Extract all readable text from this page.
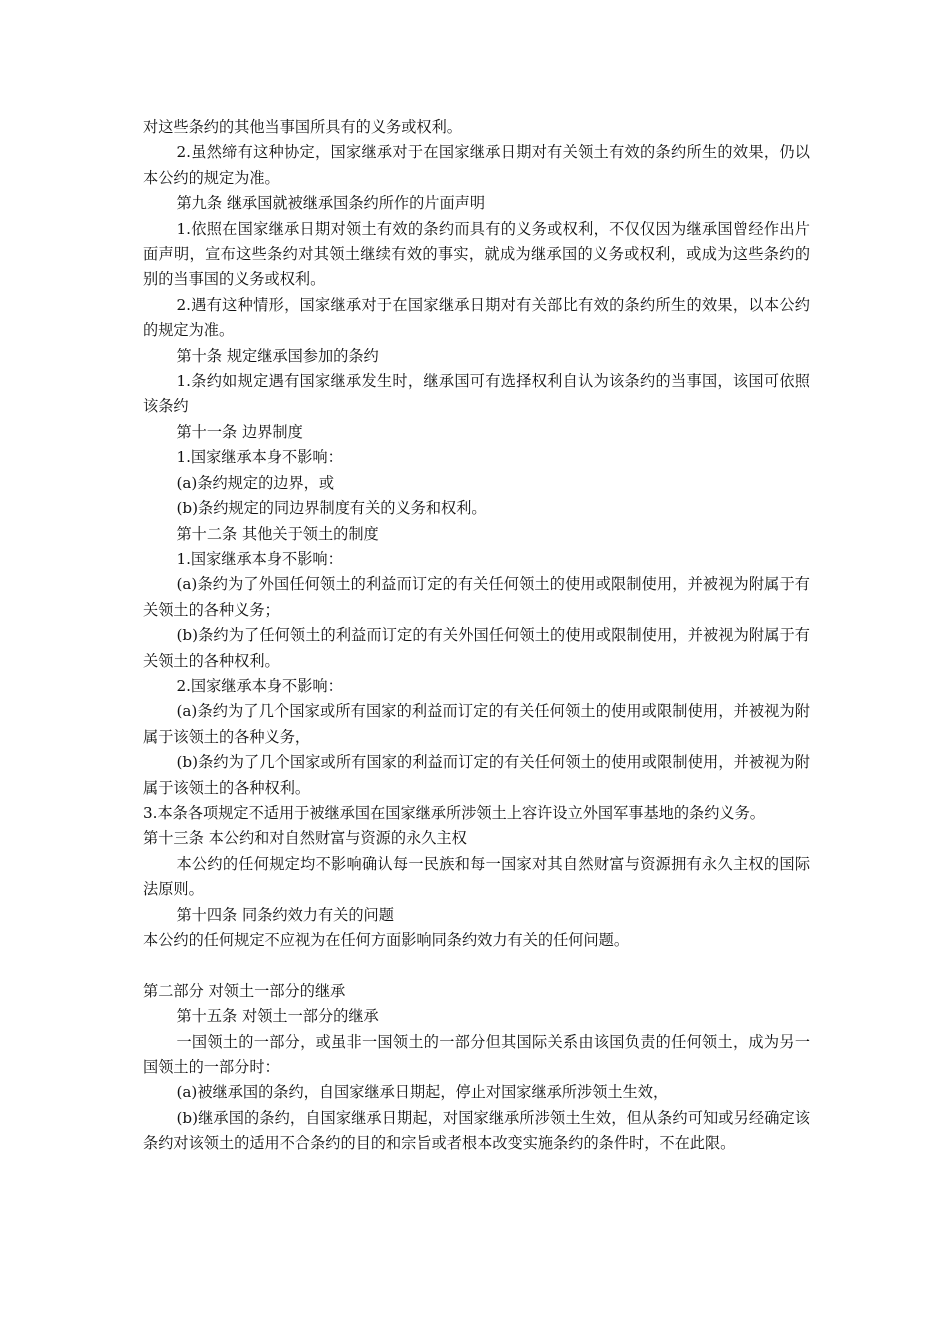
对这些条约的其他当事国所具有的义务或权利。

2.虽然缔有这种协定，国家继承对于在国家继承日期对有关领土有效的条约所生的效果，仍以本公约的规定为准。

第九条 继承国就被继承国条约所作的片面声明

1.依照在国家继承日期对领土有效的条约而具有的义务或权利，不仅仅因为继承国曾经作出片面声明，宣布这些条约对其领土继续有效的事实，就成为继承国的义务或权利，或成为这些条约的别的当事国的义务或权利。

2.遇有这种情形，国家继承对于在国家继承日期对有关部比有效的条约所生的效果，以本公约的规定为准。

第十条 规定继承国参加的条约

1.条约如规定遇有国家继承发生时，继承国可有选择权利自认为该条约的当事国，该国可依照该条约

第十一条 边界制度

1.国家继承本身不影响：

(a)条约规定的边界，或

(b)条约规定的同边界制度有关的义务和权利。

第十二条 其他关于领土的制度

1.国家继承本身不影响：

(a)条约为了外国任何领土的利益而订定的有关任何领土的使用或限制使用，并被视为附属于有关领土的各种义务；

(b)条约为了任何领土的利益而订定的有关外国任何领土的使用或限制使用，并被视为附属于有关领土的各种权利。

2.国家继承本身不影响：

(a)条约为了几个国家或所有国家的利益而订定的有关任何领土的使用或限制使用，并被视为附属于该领土的各种义务，

(b)条约为了几个国家或所有国家的利益而订定的有关任何领土的使用或限制使用，并被视为附属于该领土的各种权利。

3.本条各项规定不适用于被继承国在国家继承所涉领土上容许设立外国军事基地的条约义务。

第十三条 本公约和对自然财富与资源的永久主权

本公约的任何规定均不影响确认每一民族和每一国家对其自然财富与资源拥有永久主权的国际法原则。

第十四条 同条约效力有关的问题

本公约的任何规定不应视为在任何方面影响同条约效力有关的任何问题。

第二部分 对领土一部分的继承

第十五条 对领土一部分的继承

一国领土的一部分，或虽非一国领土的一部分但其国际关系由该国负责的任何领土，成为另一国领土的一部分时：

(a)被继承国的条约，自国家继承日期起，停止对国家继承所涉领土生效，

(b)继承国的条约，自国家继承日期起，对国家继承所涉领土生效，但从条约可知或另经确定该条约对该领土的适用不合条约的目的和宗旨或者根本改变实施条约的条件时，不在此限。
